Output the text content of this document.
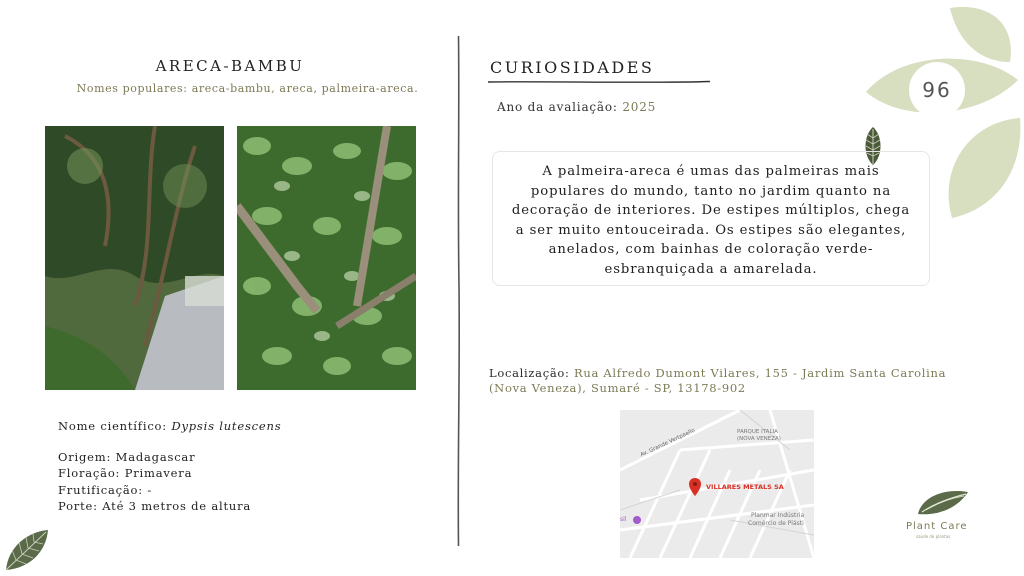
96
ARECA-BAMBU
Nomes populares: areca-bambu, areca, palmeira-areca.
Nome científico: Dypsis lutescens
Origem: Madagascar
Floração: Primavera
Frutificação: -
Porte: Até 3 metros de altura
CURIOSIDADES
Ano da avaliação: 2025
A palmeira-areca é umas das palmeiras mais populares do mundo, tanto no jardim quanto na decoração de interiores. De estipes múltiplos, chega a ser muito entouceirada. Os estipes são elegantes, anelados, com bainhas de coloração verde-esbranquiçada a amarelada.
Localização: Rua Alfredo Dumont Vilares, 155 - Jardim Santa Carolina (Nova Veneza), Sumaré - SP, 13178-902
Av. Grande Vertpaello	PARQUE ITALIA
(NOVA VENEZA)
VILLARES METALS SA
Planmar Indústria
Comércio de Plásti
sil
Plant Care
saúde de plantas
